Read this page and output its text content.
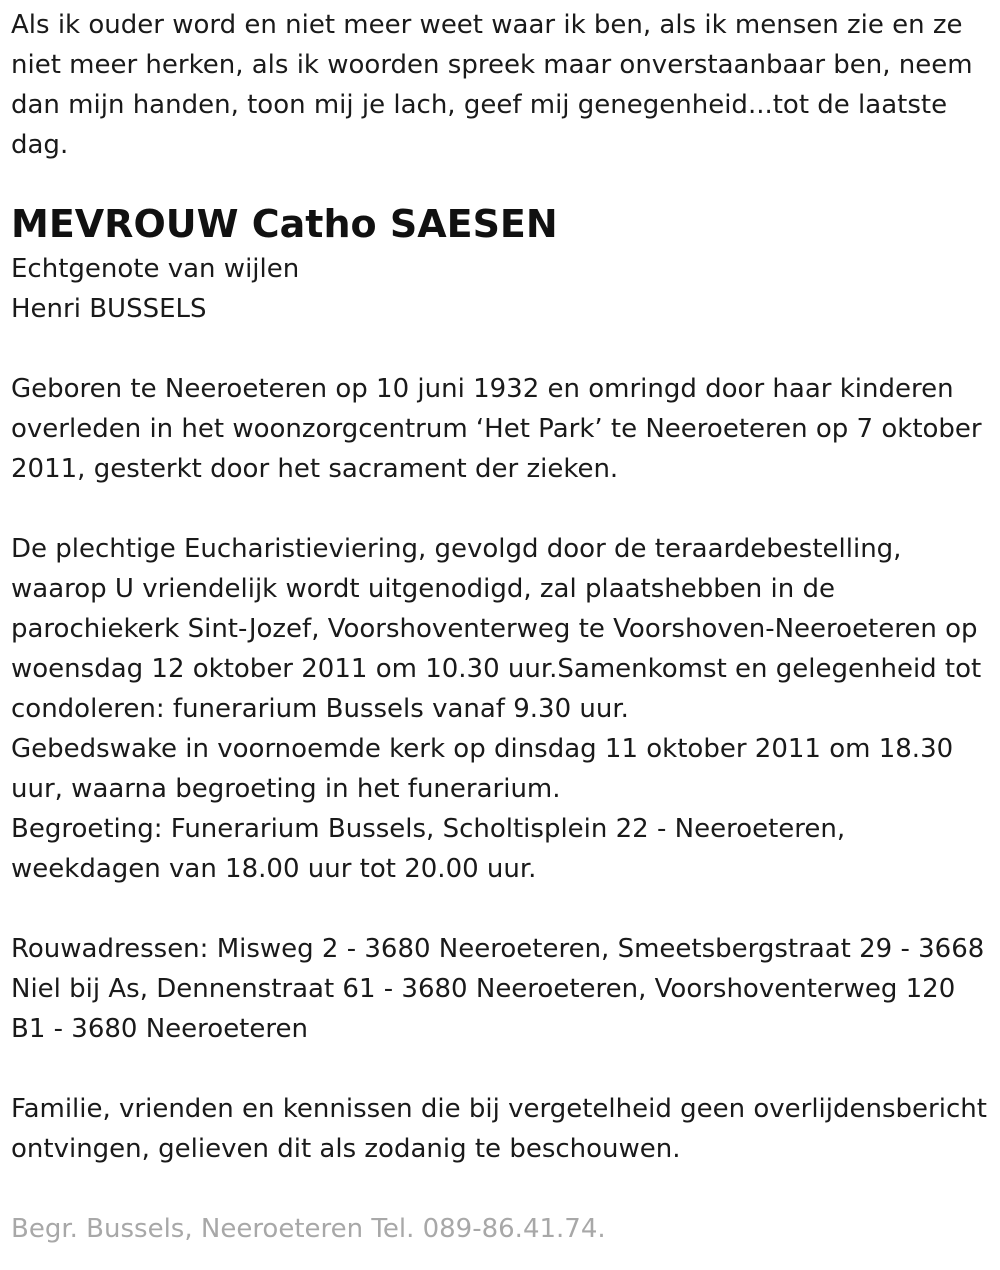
Als ik ouder word en niet meer weet waar ik ben, als ik mensen zie en ze niet meer herken, als ik woorden spreek maar onverstaanbaar ben, neem dan mijn handen, toon mij je lach, geef mij genegenheid...tot de laatste dag.

MEVROUW Catho SAESEN
Echtgenote van wijlen
Henri BUSSELS

Geboren te Neeroeteren op 10 juni 1932 en omringd door haar kinderen overleden in het woonzorgcentrum ‘Het Park’ te Neeroeteren op 7 oktober 2011, gesterkt door het sacrament der zieken.

De plechtige Eucharistieviering, gevolgd door de teraardebestelling, waarop U vriendelijk wordt uitgenodigd, zal plaatshebben in de parochiekerk Sint-Jozef, Voorshoventerweg te Voorshoven-Neeroeteren op woensdag 12 oktober 2011 om 10.30 uur.Samenkomst en gelegenheid tot condoleren: funerarium Bussels vanaf 9.30 uur.

Gebedswake in voornoemde kerk op dinsdag 11 oktober 2011 om 18.30 uur, waarna begroeting in het funerarium.

Begroeting: Funerarium Bussels, Scholtisplein 22 - Neeroeteren, weekdagen van 18.00 uur tot 20.00 uur.

Rouwadressen: Misweg 2 - 3680 Neeroeteren, Smeetsbergstraat 29 - 3668 Niel bij As, Dennenstraat 61 - 3680 Neeroeteren, Voorshoventerweg 120 B1 - 3680 Neeroeteren

Familie, vrienden en kennissen die bij vergetelheid geen overlijdensbericht ontvingen, gelieven dit als zodanig te beschouwen.

Begr. Bussels, Neeroeteren Tel. 089-86.41.74.
